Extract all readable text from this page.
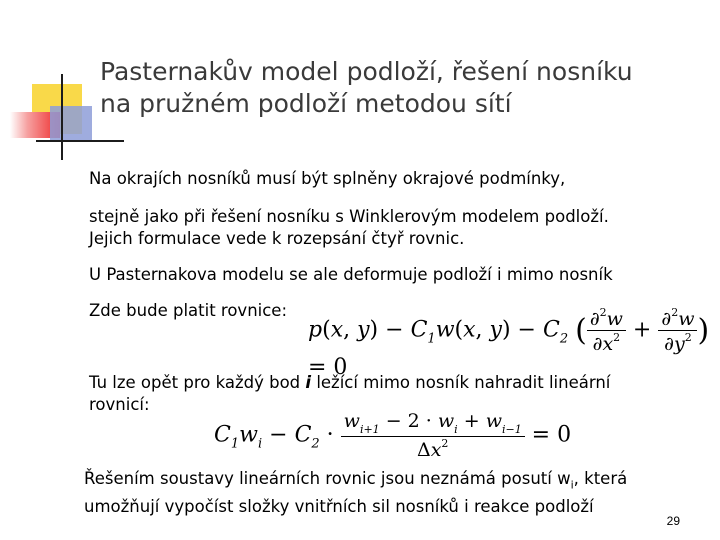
Pasternakův model podloží, řešení nosníku
na pružném podloží metodou sítí
Na okrajích nosníků musí být splněny okrajové podmínky,
stejně jako při řešení nosníku s Winklerovým modelem podloží.
Jejich formulace vede k rozepsání čtyř rovnic.
U Pasternakova modelu se ale deformuje podloží i mimo nosník
Zde bude platit rovnice:
p(x, $y) - C_1w(x$, $y) - C_2$ ( $\frac{\partial^2w}{\partial x^2} + \frac{\partial^2w}{\partial y^2}$ ) = 0
Tu lze opět pro každý bod i ležící mimo nosník nahradit lineární
rovnicí:
$C_1w_i - C_2 \cdot \frac{w_{i+1} - 2 \cdot w_i + w_{i-1}}{\Delta x^2} = 0$
Řešením soustavy lineárních rovnic jsou neznámá posutí $w_i$, která
umožňují vypočíst složky vnitřních sil nosníků i reakce podloží
29
